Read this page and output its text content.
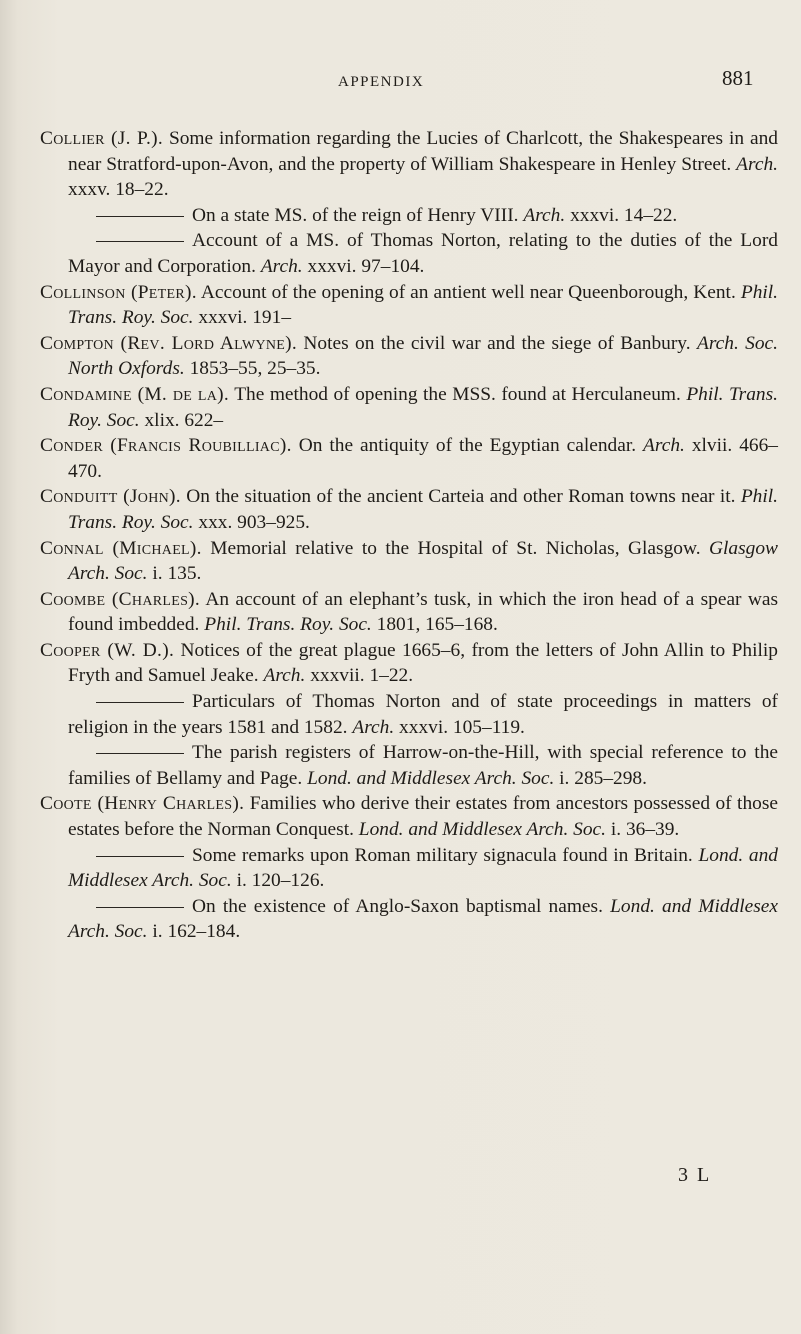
APPENDIX	881

Collier (J. P.). Some information regarding the Lucies of Charlcott, the Shakespeares in and near Stratford-upon-Avon, and the property of William Shakespeare in Henley Street. Arch. xxxv. 18–22.

On a state MS. of the reign of Henry VIII. Arch. xxxvi. 14–22.

Account of a MS. of Thomas Norton, relating to the duties of the Lord Mayor and Corporation. Arch. xxxvi. 97–104.

Collinson (Peter). Account of the opening of an antient well near Queenborough, Kent. Phil. Trans. Roy. Soc. xxxvi. 191–

Compton (Rev. Lord Alwyne). Notes on the civil war and the siege of Banbury. Arch. Soc. North Oxfords. 1853–55, 25–35.

Condamine (M. de la). The method of opening the MSS. found at Herculaneum. Phil. Trans. Roy. Soc. xlix. 622–

Conder (Francis Roubilliac). On the antiquity of the Egyptian calendar. Arch. xlvii. 466–470.

Conduitt (John). On the situation of the ancient Carteia and other Roman towns near it. Phil. Trans. Roy. Soc. xxx. 903–925.

Connal (Michael). Memorial relative to the Hospital of St. Nicholas, Glasgow. Glasgow Arch. Soc. i. 135.

Coombe (Charles). An account of an elephant’s tusk, in which the iron head of a spear was found imbedded. Phil. Trans. Roy. Soc. 1801, 165–168.

Cooper (W. D.). Notices of the great plague 1665–6, from the letters of John Allin to Philip Fryth and Samuel Jeake. Arch. xxxvii. 1–22.

Particulars of Thomas Norton and of state proceedings in matters of religion in the years 1581 and 1582. Arch. xxxvi. 105–119.

The parish registers of Harrow-on-the-Hill, with special reference to the families of Bellamy and Page. Lond. and Middlesex Arch. Soc. i. 285–298.

Coote (Henry Charles). Families who derive their estates from ancestors possessed of those estates before the Norman Conquest. Lond. and Middlesex Arch. Soc. i. 36–39.

Some remarks upon Roman military signacula found in Britain. Lond. and Middlesex Arch. Soc. i. 120–126.

On the existence of Anglo-Saxon baptismal names. Lond. and Middlesex Arch. Soc. i. 162–184.

3 L
